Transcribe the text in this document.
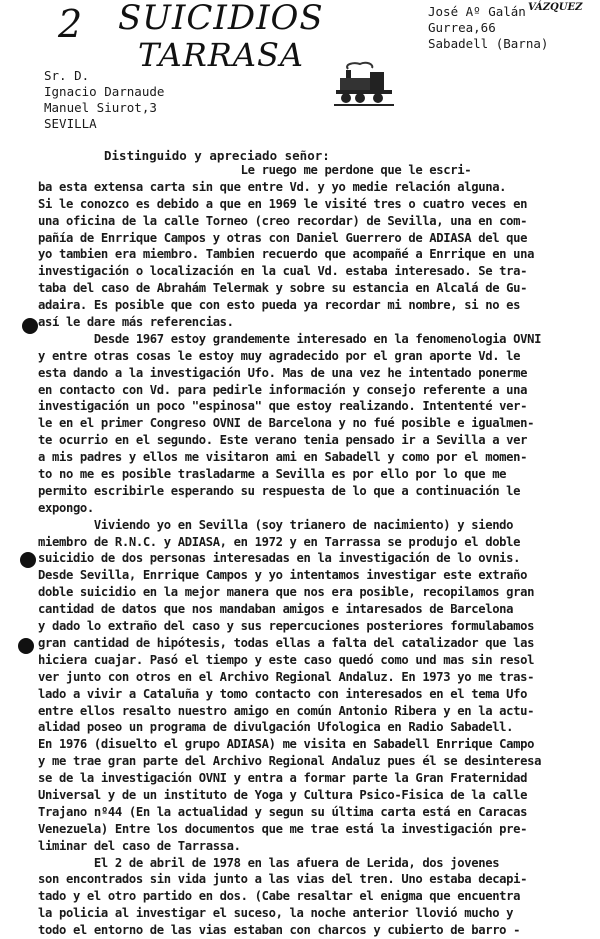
2 SUICIDIOS
TARRASA
VÁZQUEZ
José Aº Galán
Gurrea,66
Sabadell (Barna)
Sr. D.
Ignacio Darnaude
Manuel Siurot,3
SEVILLA
Distinguido y apreciado señor:
Le ruego me perdone que le escri-
ba esta extensa carta sin que entre Vd. y yo medie relación alguna.
Si le conozco es debido a que en 1969 le visité tres o cuatro veces en
una oficina de la calle Torneo (creo recordar) de Sevilla, una en com-
pañía de Enrrique Campos y otras con Daniel Guerrero de ADIASA del que
yo tambien era miembro. Tambien recuerdo que acompañé a Enrrique en una
investigación o localización en la cual Vd. estaba interesado. Se tra-
taba del caso de Abrahám Telermak y sobre su estancia en Alcalá de Gu-
adaira. Es posible que con esto pueda ya recordar mi nombre, si no es
así le dare más referencias.
Desde 1967 estoy grandemente interesado en la fenomenologia OVNI
y entre otras cosas le estoy muy agradecido por el gran aporte Vd. le
esta dando a la investigación Ufo. Mas de una vez he intentado ponerme
en contacto con Vd. para pedirle información y consejo referente a una
investigación un poco "espinosa" que estoy realizando. Intententé ver-
le en el primer Congreso OVNI de Barcelona y no fué posible e igualmen-
te ocurrio en el segundo. Este verano tenia pensado ir a Sevilla a ver
a mis padres y ellos me visitaron ami en Sabadell y como por el momen-
to no me es posible trasladarme a Sevilla es por ello por lo que me
permito escribirle esperando su respuesta de lo que a continuación le
expongo.
Viviendo yo en Sevilla (soy trianero de nacimiento) y siendo
miembro de R.N.C. y ADIASA, en 1972 y en Tarrassa se produjo el doble
suicidio de dos personas interesadas en la investigación de lo ovnis.
Desde Sevilla, Enrrique Campos y yo intentamos investigar este extraño
doble suicidio en la mejor manera que nos era posible, recopilamos gran
cantidad de datos que nos mandaban amigos e intaresados de Barcelona
y dado lo extraño del caso y sus repercuciones posteriores formulabamos
gran cantidad de hipótesis, todas ellas a falta del catalizador que las
hiciera cuajar. Pasó el tiempo y este caso quedó como und mas sin resol
ver junto con otros en el Archivo Regional Andaluz. En 1973 yo me tras-
lado a vivir a Cataluña y tomo contacto con interesados en el tema Ufo
entre ellos resalto nuestro amigo en común Antonio Ribera y en la actu-
alidad poseo un programa de divulgación Ufologica en Radio Sabadell.
En 1976 (disuelto el grupo ADIASA) me visita en Sabadell Enrrique Campo
y me trae gran parte del Archivo Regional Andaluz pues él se desinteresa
se de la investigación OVNI y entra a formar parte la Gran Fraternidad
Universal y de un instituto de Yoga y Cultura Psico-Fisica de la calle
Trajano nº44 (En la actualidad y segun su última carta está en Caracas
Venezuela) Entre los documentos que me trae está la investigación pre-
liminar del caso de Tarrassa.
El 2 de abril de 1978 en las afuera de Lerida, dos jovenes
son encontrados sin vida junto a las vias del tren. Uno estaba decapi-
tado y el otro partido en dos. (Cabe resaltar el enigma que encuentra
la policia al investigar el suceso, la noche anterior llovió mucho y
todo el entorno de las vias estaban con charcos y cubierto de barro -
